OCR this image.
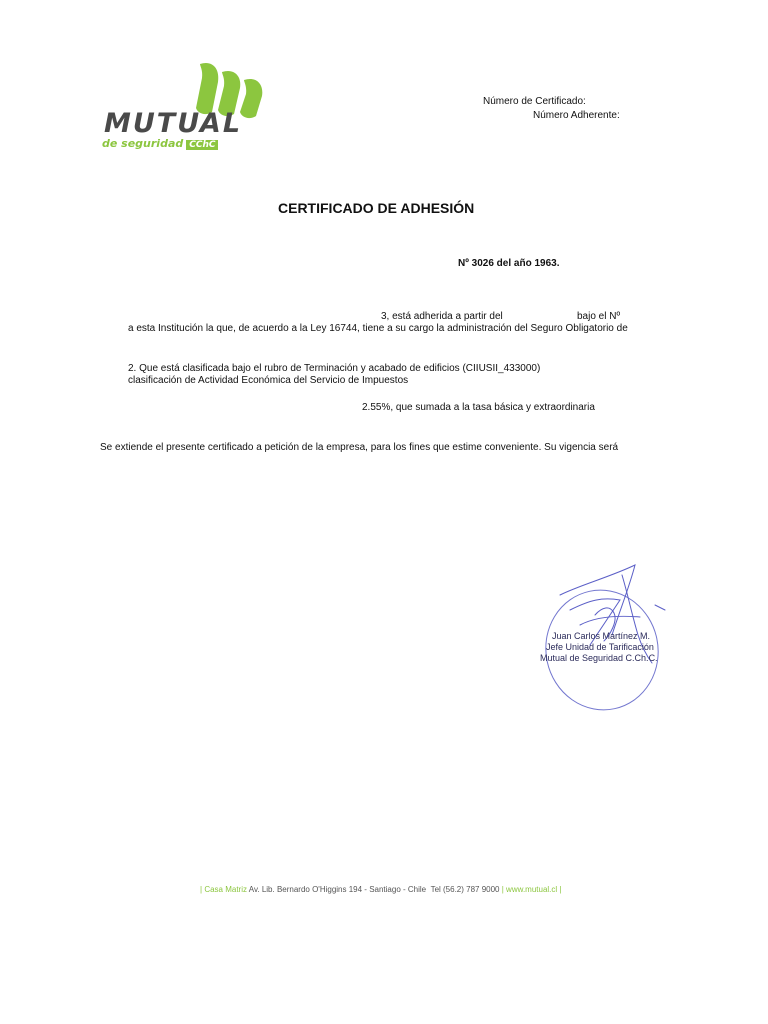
MUTUAL
de seguridad CChC
Número de Certificado:
Número Adherente:
CERTIFICADO DE ADHESIÓN
Nº 3026 del año 1963.
3, está adherida a partir del	bajo el Nº
a esta Institución la que, de acuerdo a la Ley 16744, tiene a su cargo la administración del Seguro Obligatorio de
2. Que está clasificada bajo el rubro de Terminación y acabado de edificios (CIIUSII_433000)
clasificación de Actividad Económica del Servicio de Impuestos
2.55%, que sumada a la tasa básica y extraordinaria
Se extiende el presente certificado a petición de la empresa, para los fines que estime conveniente. Su vigencia será
Juan Carlos Martínez M.
Jefe Unidad de Tarificación
Mutual de Seguridad C.Ch.C.
| Casa Matriz Av. Lib. Bernardo O'Higgins 194 - Santiago - Chile Tel (56.2) 787 9000 | www.mutual.cl |
